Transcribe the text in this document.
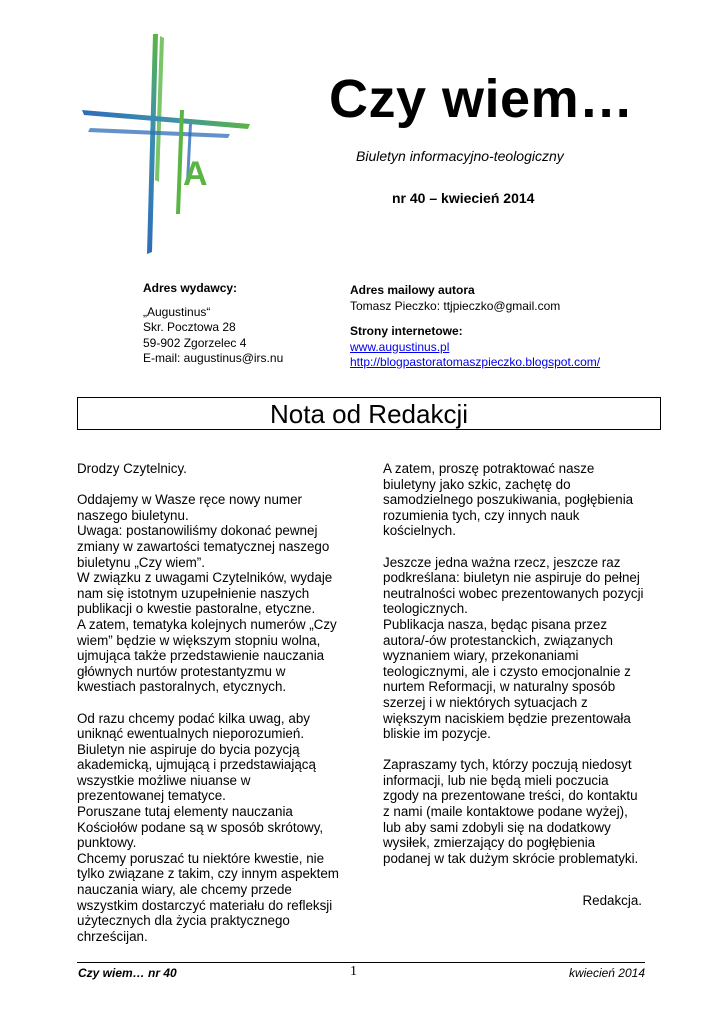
A
Czy wiem…
Biuletyn informacyjno-teologiczny
nr 40 – kwiecień 2014
Adres wydawcy:
„Augustinus“
Skr. Pocztowa 28
59-902 Zgorzelec 4
E-mail: augustinus@irs.nu
Adres mailowy autora
Tomasz Pieczko: ttjpieczko@gmail.com
Strony internetowe:
www.augustinus.pl
http://blogpastoratomaszpieczko.blogspot.com/
Nota od Redakcji

Drodzy Czytelnicy.

Oddajemy w Wasze ręce nowy numer

naszego biuletynu.

Uwaga: postanowiliśmy dokonać pewnej

zmiany w zawartości tematycznej naszego

biuletynu „Czy wiem”.

W związku z uwagami Czytelników, wydaje

nam się istotnym uzupełnienie naszych

publikacji o kwestie pastoralne, etyczne.

A zatem, tematyka kolejnych numerów „Czy

wiem” będzie w większym stopniu wolna,

ujmująca także przedstawienie nauczania

głównych nurtów protestantyzmu w

kwestiach pastoralnych, etycznych.

Od razu chcemy podać kilka uwag, aby

uniknąć ewentualnych nieporozumień.

Biuletyn nie aspiruje do bycia pozycją

akademicką, ujmującą i przedstawiającą

wszystkie możliwe niuanse w

prezentowanej tematyce.

Poruszane tutaj elementy nauczania

Kościołów podane są w sposób skrótowy,

punktowy.

Chcemy poruszać tu niektóre kwestie, nie

tylko związane z takim, czy innym aspektem

nauczania wiary, ale chcemy przede

wszystkim dostarczyć materiału do refleksji

użytecznych dla życia praktycznego

chrześcijan.

A zatem, proszę potraktować nasze

biuletyny jako szkic, zachętę do

samodzielnego poszukiwania, pogłębienia

rozumienia tych, czy innych nauk

kościelnych.

Jeszcze jedna ważna rzecz, jeszcze raz

podkreślana: biuletyn nie aspiruje do pełnej

neutralności wobec prezentowanych pozycji

teologicznych.

Publikacja nasza, będąc pisana przez

autora/-ów protestanckich, związanych

wyznaniem wiary, przekonaniami

teologicznymi, ale i czysto emocjonalnie z

nurtem Reformacji, w naturalny sposób

szerzej i w niektórych sytuacjach z

większym naciskiem będzie prezentowała

bliskie im pozycje.

Zapraszamy tych, którzy poczują niedosyt

informacji, lub nie będą mieli poczucia

zgody na prezentowane treści, do kontaktu

z nami (maile kontaktowe podane wyżej),

lub aby sami zdobyli się na dodatkowy

wysiłek, zmierzający do pogłębienia

podanej w tak dużym skrócie problematyki.

Redakcja.
Czy wiem… nr 40	1	kwiecień 2014
